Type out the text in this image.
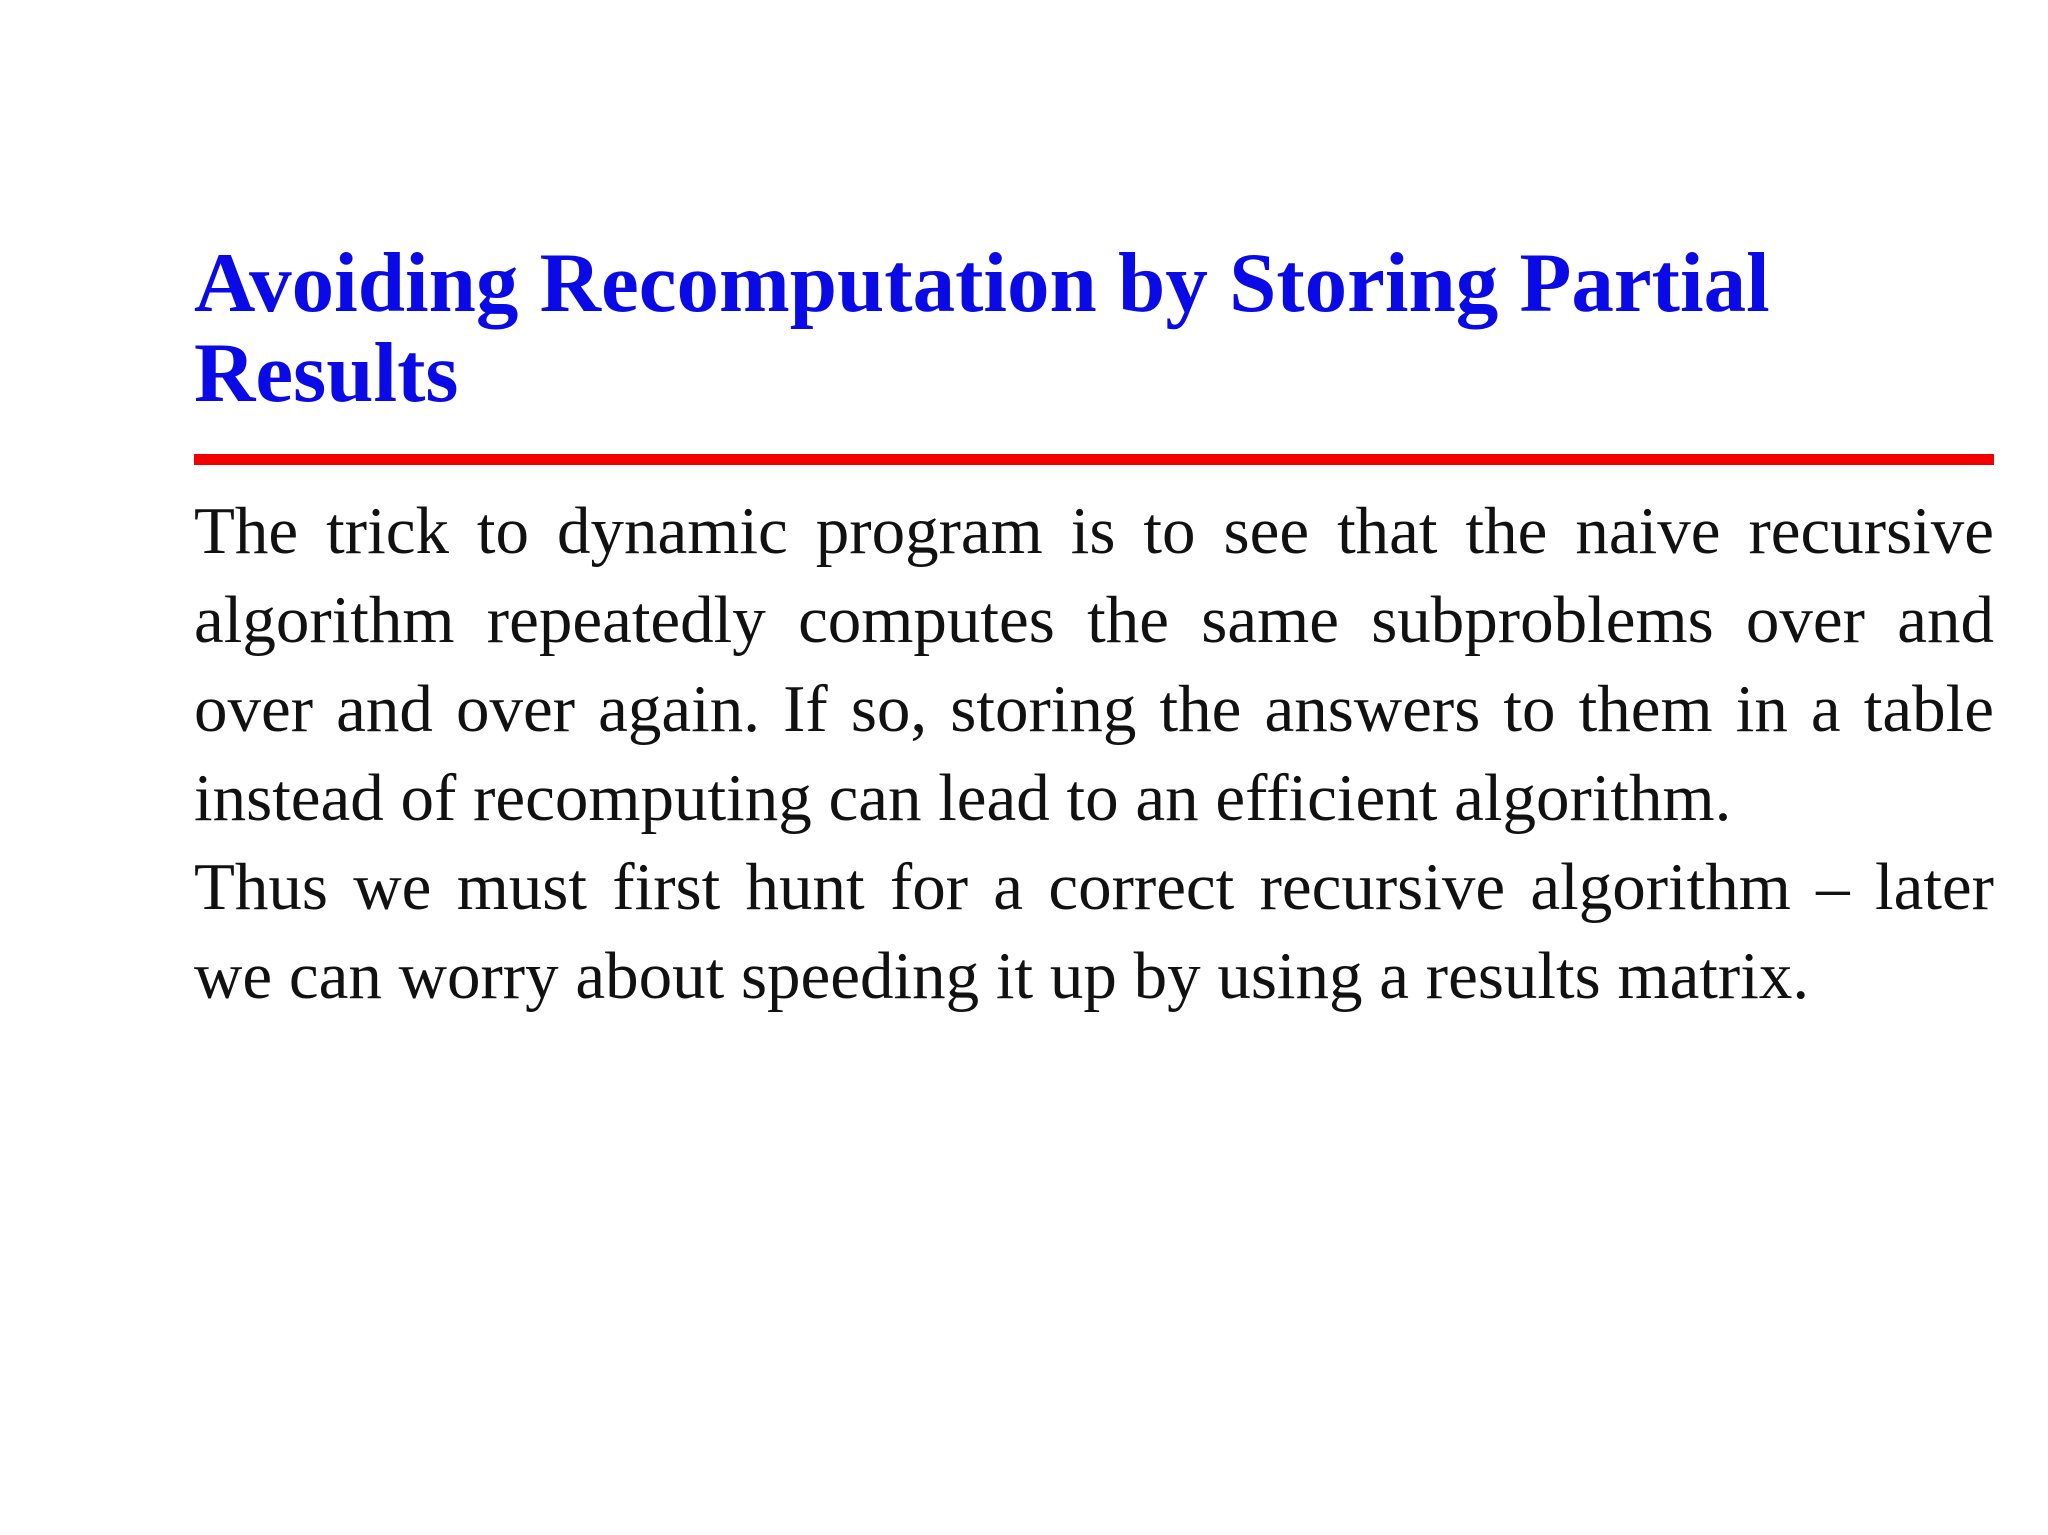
Avoiding Recomputation by Storing Partial Results

The trick to dynamic program is to see that the naive recursive algorithm repeatedly computes the same subproblems over and over and over again. If so, storing the answers to them in a table instead of recomputing can lead to an efficient algorithm.

Thus we must first hunt for a correct recursive algorithm – later we can worry about speeding it up by using a results matrix.
